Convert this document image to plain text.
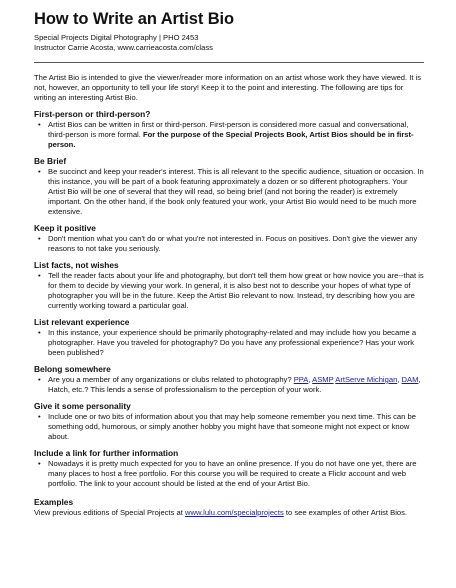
How to Write an Artist Bio

Special Projects Digital Photography | PHO 2453

Instructor Carrie Acosta, www.carrieacosta.com/class

The Artist Bio is intended to give the viewer/reader more information on an artist whose work they have viewed. It is not, however, an opportunity to tell your life story! Keep it to the point and interesting. The following are tips for writing an interesting Artist Bio.

First-person or third-person?
• Artist Bios can be written in first or third-person. First-person is considered more casual and conversational, third-person is more formal. For the purpose of the Special Projects Book, Artist Bios should be in first-person.
Be Brief
• Be succinct and keep your reader's interest. This is all relevant to the specific audience, situation or occasion. In this instance, you will be part of a book featuring approximately a dozen or so different photographers. Your Artist Bio will be one of several that they will read, so being brief (and not boring the reader) is extremely important. On the other hand, if the book only featured your work, your Artist Bio would need to be much more extensive.
Keep it positive
• Don't mention what you can't do or what you're not interested in. Focus on positives. Don't give the viewer any reasons to not take you seriously.
List facts, not wishes
• Tell the reader facts about your life and photography, but don't tell them how great or how novice you are--that is for them to decide by viewing your work. In general, it is also best not to describe your hopes of what type of photographer you will be in the future. Keep the Artist Bio relevant to now. Instead, try describing how you are currently working toward a particular goal.
List relevant experience
• In this instance, your experience should be primarily photography-related and may include how you became a photographer. Have you traveled for photography? Do you have any professional experience? Has your work been published?
Belong somewhere
• Are you a member of any organizations or clubs related to photography? PPA, ASMP ArtServe Michigan, DAM, Hatch, etc.? This lends a sense of professionalism to the perception of your work.
Give it some personality
• Include one or two bits of information about you that may help someone remember you next time. This can be something odd, humorous, or simply another hobby you might have that someone might not expect or know about.
Include a link for further information
• Nowadays it is pretty much expected for you to have an online presence. If you do not have one yet, there are many places to host a free portfolio. For this course you will be required to create a Flickr account and web portfolio. The link to your account should be listed at the end of your Artist Bio.
Examples

View previous editions of Special Projects at www.lulu.com/specialprojects to see examples of other Artist Bios.
